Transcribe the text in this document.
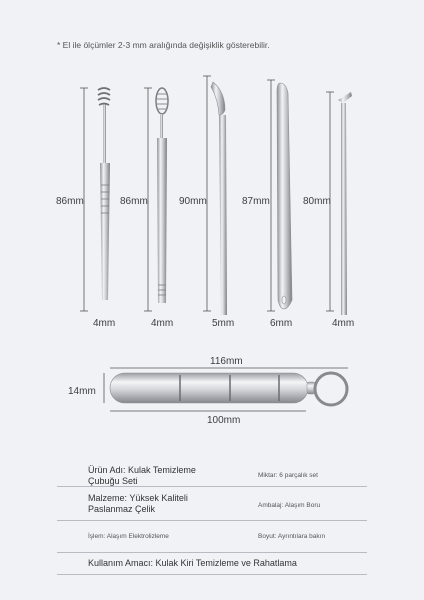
* El ile ölçümler 2-3 mm aralığında değişiklik gösterebilir.
86mm
4mm
86mm
4mm
90mm
5mm
87mm
6mm
80mm
4mm
116mm
100mm
14mm
Ürün Adı: Kulak Temizleme Çubuğu Seti
Miktar: 6 parçalık set
Malzeme: Yüksek Kaliteli Paslanmaz Çelik	Ambalaj: Alaşım Boru
İşlem: Alaşım Elektrolizleme	Boyut: Ayrıntılara bakın
Kullanım Amacı: Kulak Kiri Temizleme ve Rahatlama
